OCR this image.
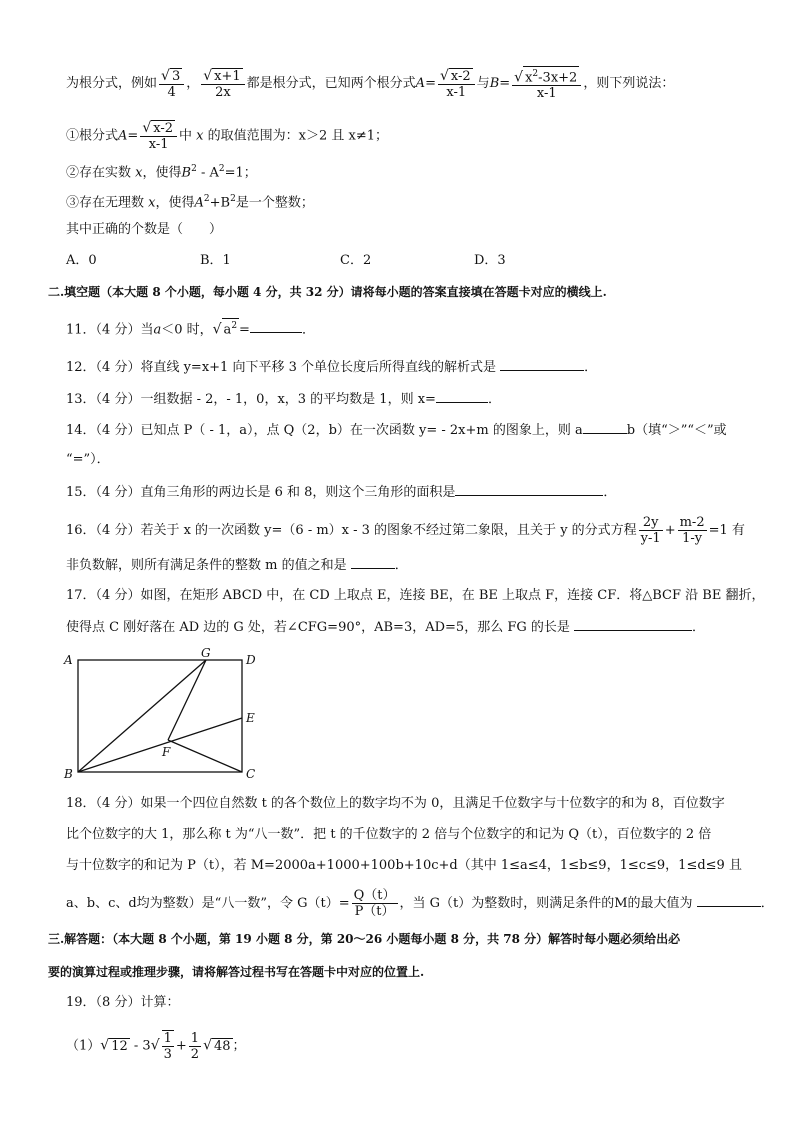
为根分式，例如 $\frac{√ 3}{4}$ ， $\frac{√ x+1}{2x}$ 都是根分式，已知两个根分式$A= \frac{√ x-2}{x-1}$ 与$B= \frac{√ x^2-3x+2}{x-1}$ ，则下列说法：
①根分式$A= \frac{√ x-2}{x-1}$ 中 x 的取值范围为：x＞2 且 x≠1；
②存在实数 x，使得$B^2 - A^2=1$；
③存在无理数 x，使得$A^2+B^2$是一个整数；
其中正确的个数是（　　）
A．0	B．1	C．2	D．3
二.填空题（本大题 8 个小题，每小题 4 分，共 32 分）请将每小题的答案直接填在答题卡对应的横线上.
11．（4 分）当a＜0 时，√ $a^2$ =	．
12．（4 分）将直线 y=x+1 向下平移 3 个单位长度后所得直线的解析式是	．
13．（4 分）一组数据 - 2，- 1，0，x，3 的平均数是 1，则 x=	．
14．（4 分）已知点 P（ - 1，a），点 Q（2，b）在一次函数 y= - 2x+m 的图象上，则 a	b（填“＞”“＜”或
“=”）．
15．（4 分）直角三角形的两边长是 6 和 8，则这个三角形的面积是	．
16．（4 分）若关于 x 的一次函数 y=（6 - m）x - 3 的图象不经过第二象限，且关于 y 的分式方程 $\frac{2y}{y-1} + \frac{m-2}{1-y} =1$ 有
非负数解，则所有满足条件的整数 m 的值之和是	．
17．（4 分）如图，在矩形 ABCD 中，在 CD 上取点 E，连接 BE，在 BE 上取点 F，连接 CF．将△BCF 沿 BE 翻折，
使得点 C 刚好落在 AD 边的 G 处，若∠CFG=90°，AB=3，AD=5，那么 FG 的长是	．
A	G	D
E
F
B	C
18．（4 分）如果一个四位自然数 t 的各个数位上的数字均不为 0，且满足千位数字与十位数字的和为 8，百位数字
比个位数字的大 1，那么称 t 为“八一数”．把 t 的千位数字的 2 倍与个位数字的和记为 Q（t），百位数字的 2 倍
与十位数字的和记为 P（t），若 M=2000a+1000+100b+10c+d（其中 1≤a≤4，1≤b≤9，1≤c≤9，1≤d≤9 且
a、b、c、d均为整数）是“八一数”，令 $G(t)= \frac{Q(t)}{P(t)}$ ，当 G（t）为整数时，则满足条件的M的最大值为	．
三.解答题：（本大题 8 个小题，第 19 小题 8 分，第 20～26 小题每小题 8 分，共 78 分）解答时每小题必须给出必
要的演算过程或推理步骤，请将解答过程书写在答题卡中对应的位置上.
19．（8 分）计算：
（1）√ $12 - 3√ \frac{1}{3} + \frac{1}{2}$ √ 48 ；
